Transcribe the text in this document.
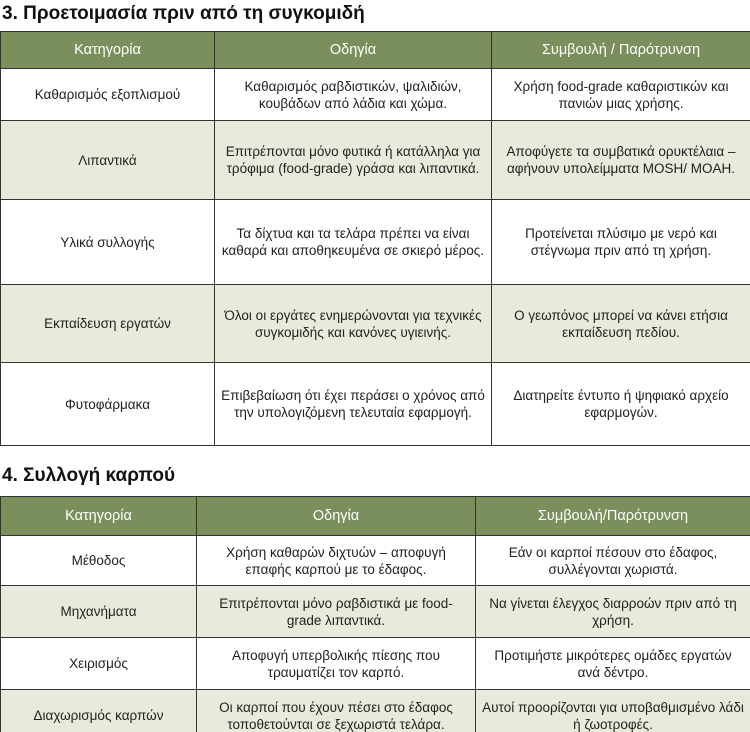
3. Προετοιμασία πριν από τη συγκομιδή
Κατηγορία	Οδηγία	Συμβουλή / Παρότρυνση
Καθαρισμός εξοπλισμού	Καθαρισμός ραβδιστικών, ψαλιδιών, κουβάδων από λάδια και χώμα.	Χρήση food-grade καθαριστικών και πανιών μιας χρήσης.
Λιπαντικά	Επιτρέπονται μόνο φυτικά ή κατάλληλα για τρόφιμα (food-grade) γράσα και λιπαντικά.	Αποφύγετε τα συμβατικά ορυκτέλαια – αφήνουν υπολείμματα MOSH/ MOAH.
Υλικά συλλογής	Τα δίχτυα και τα τελάρα πρέπει να είναι καθαρά και αποθηκευμένα σε σκιερό μέρος.	Προτείνεται πλύσιμο με νερό και στέγνωμα πριν από τη χρήση.
Εκπαίδευση εργατών	Όλοι οι εργάτες ενημερώνονται για τεχνικές συγκομιδής και κανόνες υγιεινής.	Ο γεωπόνος μπορεί να κάνει ετήσια εκπαίδευση πεδίου.
Φυτοφάρμακα	Επιβεβαίωση ότι έχει περάσει ο χρόνος από την υπολογιζόμενη τελευταία εφαρμογή.	Διατηρείτε έντυπο ή ψηφιακό αρχείο εφαρμογών.
4. Συλλογή καρπού
Κατηγορία	Οδηγία	Συμβουλή/Παρότρυνση
Μέθοδος	Χρήση καθαρών διχτυών – αποφυγή επαφής καρπού με το έδαφος.	Εάν οι καρποί πέσουν στο έδαφος, συλλέγονται χωριστά.
Μηχανήματα	Επιτρέπονται μόνο ραβδιστικά με food-grade λιπαντικά.	Να γίνεται έλεγχος διαρροών πριν από τη χρήση.
Χειρισμός	Αποφυγή υπερβολικής πίεσης που τραυματίζει τον καρπό.	Προτιμήστε μικρότερες ομάδες εργατών ανά δέντρο.
Διαχωρισμός καρπών	Οι καρποί που έχουν πέσει στο έδαφος τοποθετούνται σε ξεχωριστά τελάρα.	Αυτοί προορίζονται για υποβαθμισμένο λάδι ή ζωοτροφές.
